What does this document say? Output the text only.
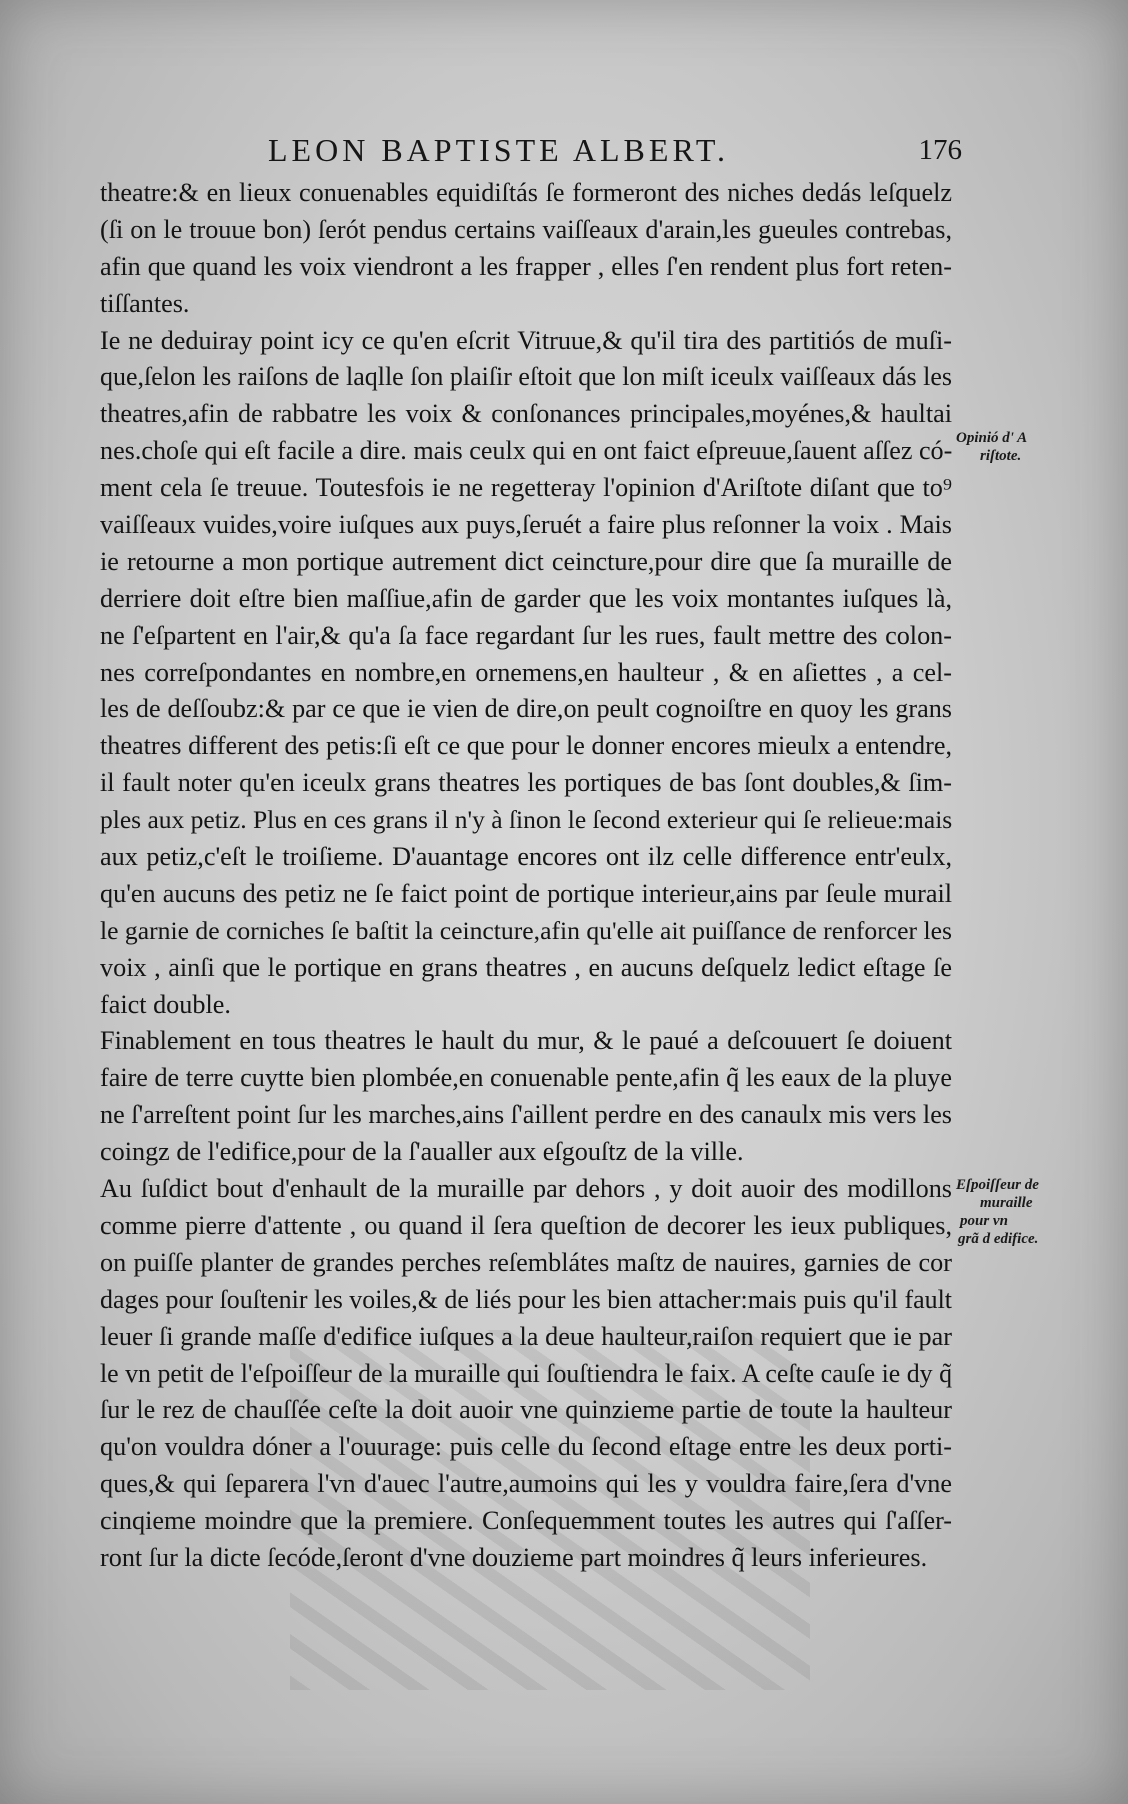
LEON BAPTISTE ALBERT.	176
theatre:& en lieux conuenables equidiſtás ſe formeront des niches dedás leſquelz
(ſi on le trouue bon) ſerót pendus certains vaiſſeaux d'arain,les gueules contrebas,
afin que quand les voix viendront a les frapper , elles ſ'en rendent plus fort reten-
tiſſantes.
Ie ne deduiray point icy ce qu'en eſcrit Vitruue,& qu'il tira des partitiós de muſi-
que,ſelon les raiſons de laqlle ſon plaiſir eſtoit que lon miſt iceulx vaiſſeaux dás les
theatres,afin de rabbatre les voix & conſonances principales,moyénes,& haultai
nes.choſe qui eſt facile a dire. mais ceulx qui en ont faict eſpreuue,ſauent aſſez có-
ment cela ſe treuue. Toutesfois ie ne regetteray l'opinion d'Ariſtote diſant que to⁹
vaiſſeaux vuides,voire iuſques aux puys,ſeruét a faire plus reſonner la voix . Mais
ie retourne a mon portique autrement dict ceincture,pour dire que ſa muraille de
derriere doit eſtre bien maſſiue,afin de garder que les voix montantes iuſques là,
ne ſ'eſpartent en l'air,& qu'a ſa face regardant ſur les rues, fault mettre des colon-
nes correſpondantes en nombre,en ornemens,en haulteur , & en aſiettes , a cel-
les de deſſoubz:& par ce que ie vien de dire,on peult cognoiſtre en quoy les grans
theatres different des petis:ſi eſt ce que pour le donner encores mieulx a entendre,
il fault noter qu'en iceulx grans theatres les portiques de bas ſont doubles,& ſim-
ples aux petiz. Plus en ces grans il n'y à ſinon le ſecond exterieur qui ſe relieue:mais
aux petiz,c'eſt le troiſieme. D'auantage encores ont ilz celle difference entr'eulx,
qu'en aucuns des petiz ne ſe faict point de portique interieur,ains par ſeule murail
le garnie de corniches ſe baſtit la ceincture,afin qu'elle ait puiſſance de renforcer les
voix , ainſi que le portique en grans theatres , en aucuns deſquelz ledict eſtage ſe
faict double.
Finablement en tous theatres le hault du mur, & le paué a deſcouuert ſe doiuent
faire de terre cuytte bien plombée,en conuenable pente,afin q̃ les eaux de la pluye
ne ſ'arreſtent point ſur les marches,ains ſ'aillent perdre en des canaulx mis vers les
coingz de l'edifice,pour de la ſ'aualler aux eſgouſtz de la ville.
Au ſuſdict bout d'enhault de la muraille par dehors , y doit auoir des modillons
comme pierre d'attente , ou quand il ſera queſtion de decorer les ieux publiques,
on puiſſe planter de grandes perches reſemblátes maſtz de nauires, garnies de cor
dages pour ſouſtenir les voiles,& de liés pour les bien attacher:mais puis qu'il fault
leuer ſi grande maſſe d'edifice iuſques a la deue haulteur,raiſon requiert que ie par
le vn petit de l'eſpoiſſeur de la muraille qui ſouſtiendra le faix. A ceſte cauſe ie dy q̃
ſur le rez de chauſſée ceſte la doit auoir vne quinzieme partie de toute la haulteur
qu'on vouldra dóner a l'ouurage: puis celle du ſecond eſtage entre les deux porti-
ques,& qui ſeparera l'vn d'auec l'autre,aumoins qui les y vouldra faire,ſera d'vne
cinqieme moindre que la premiere. Conſequemment toutes les autres qui ſ'aſſer-
ront ſur la dicte ſecóde,ſeront d'vne douzieme part moindres q̃ leurs inferieures.
Opinió d' A
riſtote.
Eſpoiſſeur de
muraille
pour vn
grã d edifice.
